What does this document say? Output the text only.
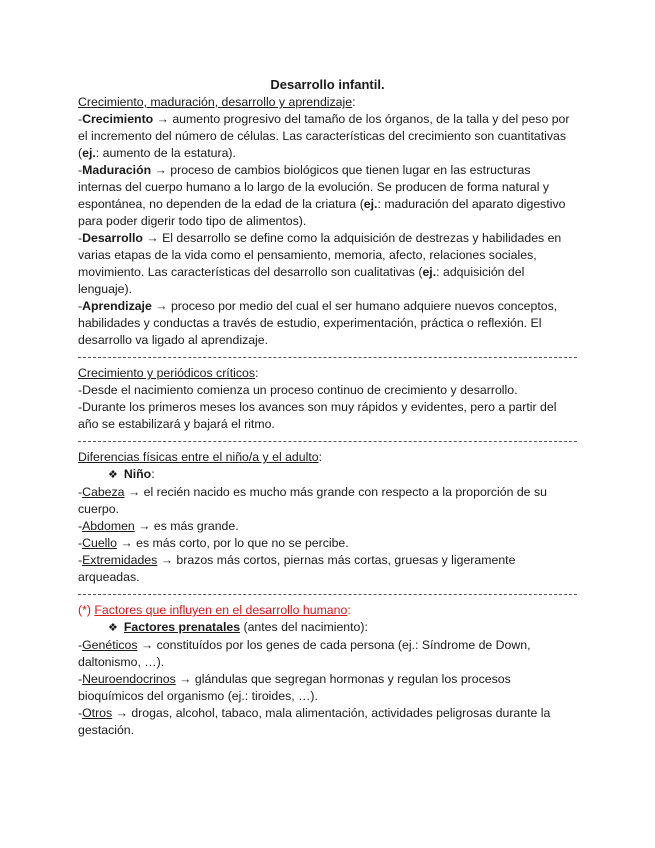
Desarrollo infantil.

Crecimiento, maduración, desarrollo y aprendizaje:

-Crecimiento → aumento progresivo del tamaño de los órganos, de la talla y del peso por el incremento del número de células. Las características del crecimiento son cuantitativas (ej.: aumento de la estatura).

-Maduración → proceso de cambios biológicos que tienen lugar en las estructuras internas del cuerpo humano a lo largo de la evolución. Se producen de forma natural y espontánea, no dependen de la edad de la criatura (ej.: maduración del aparato digestivo para poder digerir todo tipo de alimentos).

-Desarrollo → El desarrollo se define como la adquisición de destrezas y habilidades en varias etapas de la vida como el pensamiento, memoria, afecto, relaciones sociales, movimiento. Las características del desarrollo son cualitativas (ej.: adquisición del lenguaje).

-Aprendizaje → proceso por medio del cual el ser humano adquiere nuevos conceptos, habilidades y conductas a través de estudio, experimentación, práctica o reflexión. El desarrollo va ligado al aprendizaje.

Crecimiento y periódicos críticos:

-Desde el nacimiento comienza un proceso continuo de crecimiento y desarrollo.

-Durante los primeros meses los avances son muy rápidos y evidentes, pero a partir del año se estabilizará y bajará el ritmo.

Diferencias físicas entre el niño/a y el adulto:

❖ Niño:

-Cabeza → el recién nacido es mucho más grande con respecto a la proporción de su cuerpo.

-Abdomen → es más grande.

-Cuello → es más corto, por lo que no se percibe.

-Extremidades → brazos más cortos, piernas más cortas, gruesas y ligeramente arqueadas.

(*) Factores que influyen en el desarrollo humano:

❖ Factores prenatales (antes del nacimiento):

-Genéticos → constituídos por los genes de cada persona (ej.: Síndrome de Down, daltonismo, …).

-Neuroendocrinos → glándulas que segregan hormonas y regulan los procesos bioquímicos del organismo (ej.: tiroides, …).

-Otros → drogas, alcohol, tabaco, mala alimentación, actividades peligrosas durante la gestación.
